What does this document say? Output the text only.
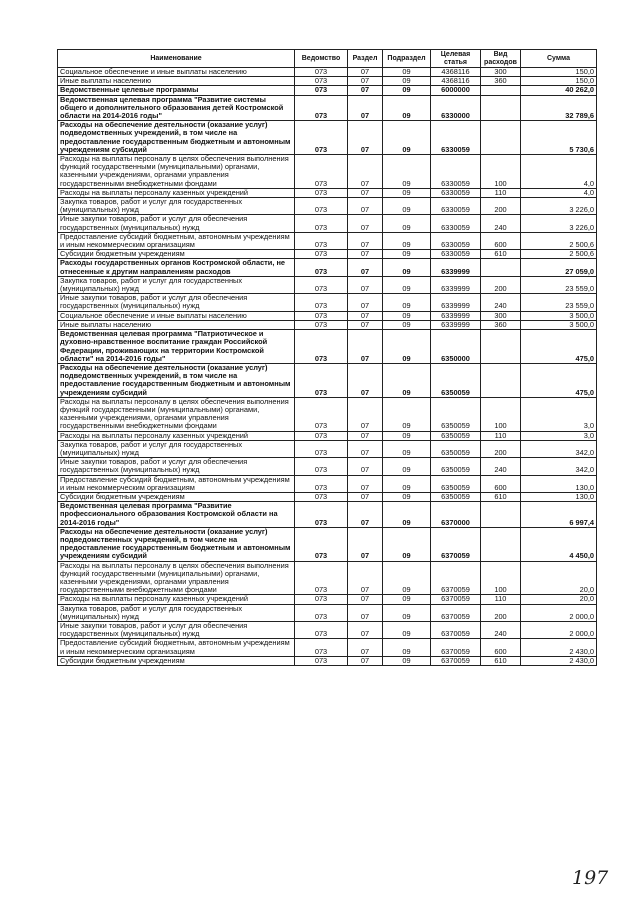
Наименование	Ведомство	Раздел	Подраздел	Целевая статья	Вид расходов	Сумма
Социальное обеспечение и иные выплаты населению	073	07	09	4368116	300	150,0
Иные выплаты населению	073	07	09	4368116	360	150,0
Ведомственные целевые программы	073	07	09	6000000		40 262,0
Ведомственная целевая программа "Развитие системы общего и дополнительного образования детей Костромской области на 2014-2016 годы"	073	07	09	6330000		32 789,6
Расходы на обеспечение деятельности (оказание услуг) подведомственных учреждений, в том числе на предоставление государственным бюджетным и автономным учреждениям субсидий	073	07	09	6330059		5 730,6
Расходы на выплаты персоналу в целях обеспечения выполнения функций государственными (муниципальными) органами, казенными учреждениями, органами управления государственными внебюджетными фондами	073	07	09	6330059	100	4,0
Расходы на выплаты персоналу казенных учреждений	073	07	09	6330059	110	4,0
Закупка товаров, работ и услуг для государственных (муниципальных) нужд	073	07	09	6330059	200	3 226,0
Иные закупки товаров, работ и услуг для обеспечения государственных (муниципальных) нужд	073	07	09	6330059	240	3 226,0
Предоставление субсидий бюджетным, автономным учреждениям и иным некоммерческим организациям	073	07	09	6330059	600	2 500,6
Субсидии бюджетным учреждениям	073	07	09	6330059	610	2 500,6
Расходы государственных органов Костромской области, не отнесенные к другим направлениям расходов	073	07	09	6339999		27 059,0
Закупка товаров, работ и услуг для государственных (муниципальных) нужд	073	07	09	6339999	200	23 559,0
Иные закупки товаров, работ и услуг для обеспечения государственных (муниципальных) нужд	073	07	09	6339999	240	23 559,0
Социальное обеспечение и иные выплаты населению	073	07	09	6339999	300	3 500,0
Иные выплаты населению	073	07	09	6339999	360	3 500,0
Ведомственная целевая программа "Патриотическое и духовно-нравственное воспитание граждан Российской Федерации, проживающих на территории Костромской области" на 2014-2016 годы"	073	07	09	6350000		475,0
Расходы на обеспечение деятельности (оказание услуг) подведомственных учреждений, в том числе на предоставление государственным бюджетным и автономным учреждениям субсидий	073	07	09	6350059		475,0
Расходы на выплаты персоналу в целях обеспечения выполнения функций государственными (муниципальными) органами, казенными учреждениями, органами управления государственными внебюджетными фондами	073	07	09	6350059	100	3,0
Расходы на выплаты персоналу казенных учреждений	073	07	09	6350059	110	3,0
Закупка товаров, работ и услуг для государственных (муниципальных) нужд	073	07	09	6350059	200	342,0
Иные закупки товаров, работ и услуг для обеспечения государственных (муниципальных) нужд	073	07	09	6350059	240	342,0
Предоставление субсидий бюджетным, автономным учреждениям и иным некоммерческим организациям	073	07	09	6350059	600	130,0
Субсидии бюджетным учреждениям	073	07	09	6350059	610	130,0
Ведомственная целевая программа "Развитие профессионального образования Костромской области на 2014-2016 годы"	073	07	09	6370000		6 997,4
Расходы на обеспечение деятельности (оказание услуг) подведомственных учреждений, в том числе на предоставление государственным бюджетным и автономным учреждениям субсидий	073	07	09	6370059		4 450,0
Расходы на выплаты персоналу в целях обеспечения выполнения функций государственными (муниципальными) органами, казенными учреждениями, органами управления государственными внебюджетными фондами	073	07	09	6370059	100	20,0
Расходы на выплаты персоналу казенных учреждений	073	07	09	6370059	110	20,0
Закупка товаров, работ и услуг для государственных (муниципальных) нужд	073	07	09	6370059	200	2 000,0
Иные закупки товаров, работ и услуг для обеспечения государственных (муниципальных) нужд	073	07	09	6370059	240	2 000,0
Предоставление субсидий бюджетным, автономным учреждениям и иным некоммерческим организациям	073	07	09	6370059	600	2 430,0
Субсидии бюджетным учреждениям	073	07	09	6370059	610	2 430,0
197
